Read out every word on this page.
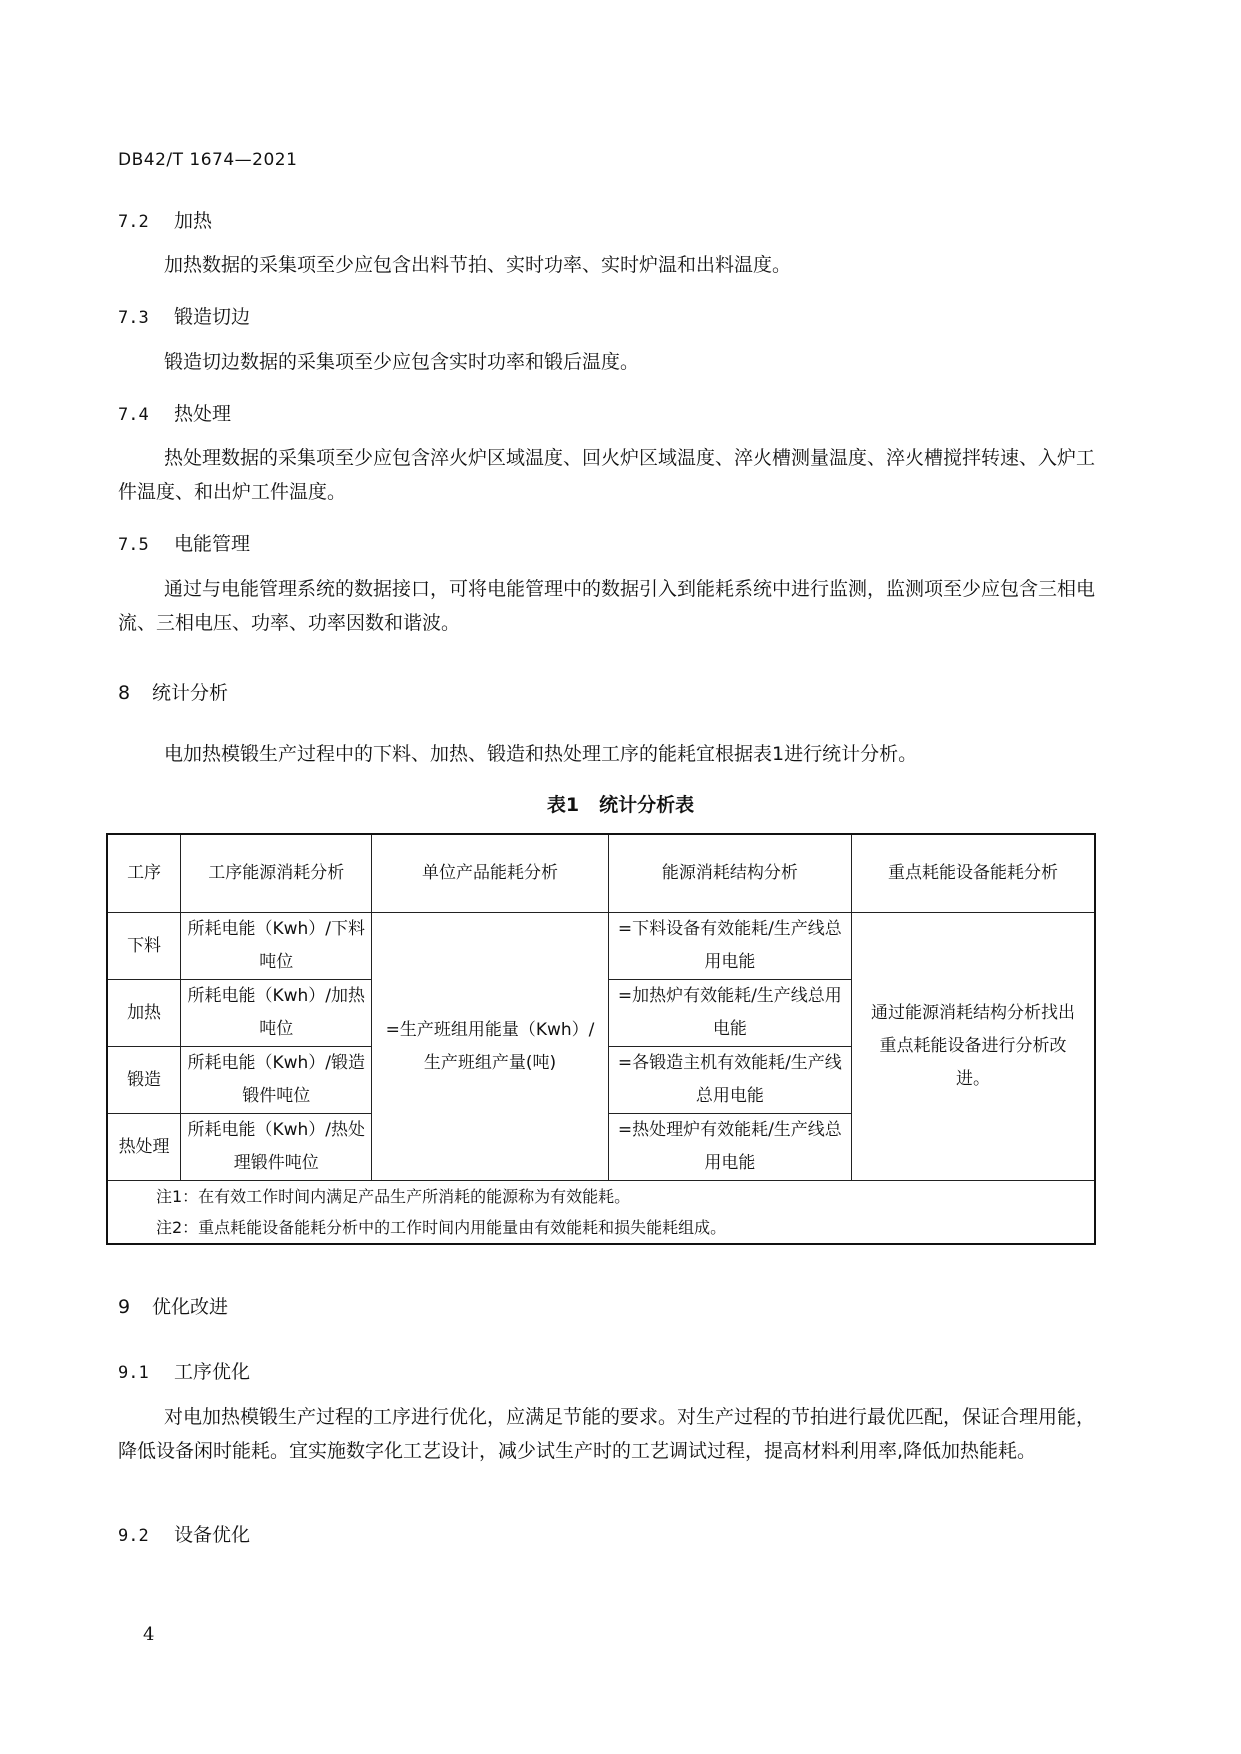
DB42/T 1674—2021
7.2 加热
加热数据的采集项至少应包含出料节拍、实时功率、实时炉温和出料温度。
7.3 锻造切边
锻造切边数据的采集项至少应包含实时功率和锻后温度。
7.4 热处理
热处理数据的采集项至少应包含淬火炉区域温度、回火炉区域温度、淬火槽测量温度、淬火槽搅拌转速、入炉工件温度、和出炉工件温度。
7.5 电能管理
通过与电能管理系统的数据接口，可将电能管理中的数据引入到能耗系统中进行监测，监测项至少应包含三相电流、三相电压、功率、功率因数和谐波。
8 统计分析
电加热模锻生产过程中的下料、加热、锻造和热处理工序的能耗宜根据表1进行统计分析。
表1 统计分析表
工序	工序能源消耗分析	单位产品能耗分析	能源消耗结构分析	重点耗能设备能耗分析
下料	所耗电能（Kwh）/下料吨位	=生产班组用能量（Kwh）/生产班组产量(吨)	=下料设备有效能耗/生产线总用电能	通过能源消耗结构分析找出重点耗能设备进行分析改进。
加热	所耗电能（Kwh）/加热吨位		=加热炉有效能耗/生产线总用电能	
锻造	所耗电能（Kwh）/锻造锻件吨位		=各锻造主机有效能耗/生产线总用电能	
热处理	所耗电能（Kwh）/热处理锻件吨位		=热处理炉有效能耗/生产线总用电能	
注1：在有效工作时间内满足产品生产所消耗的能源称为有效能耗。				
注2：重点耗能设备能耗分析中的工作时间内用能量由有效能耗和损失能耗组成。				
9 优化改进
9.1 工序优化
对电加热模锻生产过程的工序进行优化，应满足节能的要求。对生产过程的节拍进行最优匹配，保证合理用能，降低设备闲时能耗。宜实施数字化工艺设计，减少试生产时的工艺调试过程，提高材料利用率,降低加热能耗。
9.2 设备优化
4
